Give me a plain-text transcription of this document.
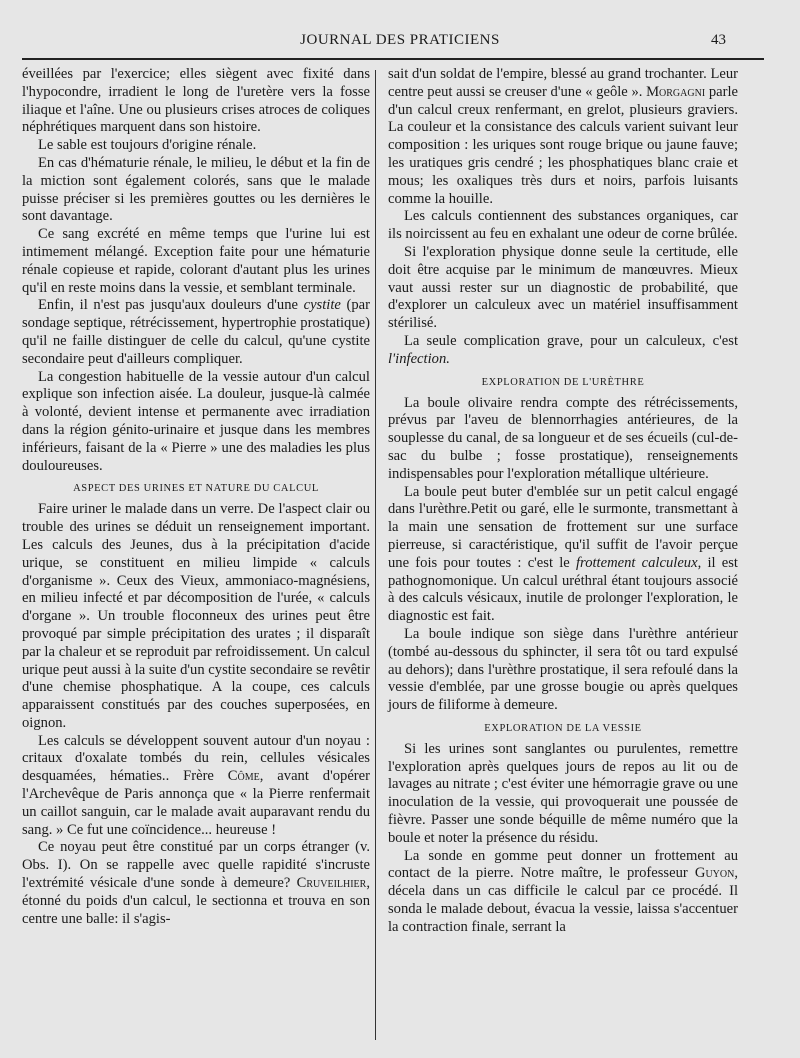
JOURNAL DES PRATICIENS	43

éveillées par l'exercice; elles siègent avec fixité dans l'hypocondre, irradient le long de l'uretère vers la fosse iliaque et l'aîne. Une ou plusieurs crises atroces de coliques néphrétiques marquent dans son histoire.

Le sable est toujours d'origine rénale.

En cas d'hématurie rénale, le milieu, le début et la fin de la miction sont également colorés, sans que le malade puisse préciser si les premières gouttes ou les dernières le sont davantage.

Ce sang excrété en même temps que l'urine lui est intimement mélangé. Exception faite pour une hématurie rénale copieuse et rapide, colorant d'autant plus les urines qu'il en reste moins dans la vessie, et semblant terminale.

Enfin, il n'est pas jusqu'aux douleurs d'une cystite (par sondage septique, rétrécissement, hypertrophie prostatique) qu'il ne faille distinguer de celle du calcul, qu'une cystite secondaire peut d'ailleurs compliquer.

La congestion habituelle de la vessie autour d'un calcul explique son infection aisée. La douleur, jusque-là calmée à volonté, devient intense et permanente avec irradiation dans la région génito-urinaire et jusque dans les membres inférieurs, faisant de la « Pierre » une des maladies les plus douloureuses.

ASPECT DES URINES ET NATURE DU CALCUL

Faire uriner le malade dans un verre. De l'aspect clair ou trouble des urines se déduit un renseignement important. Les calculs des Jeunes, dus à la précipitation d'acide urique, se constituent en milieu limpide « calculs d'organisme ». Ceux des Vieux, ammoniaco-magnésiens, en milieu infecté et par décomposition de l'urée, « calculs d'organe ». Un trouble floconneux des urines peut être provoqué par simple précipitation des urates ; il disparaît par la chaleur et se reproduit par refroidissement. Un calcul urique peut aussi à la suite d'un cystite secondaire se revêtir d'une chemise phosphatique. A la coupe, ces calculs apparaissent constitués par des couches superposées, en oignon.

Les calculs se développent souvent autour d'un noyau : critaux d'oxalate tombés du rein, cellules vésicales desquamées, hématies.. Frère Côme, avant d'opérer l'Archevêque de Paris annonça que « la Pierre renfermait un caillot sanguin, car le malade avait auparavant rendu du sang. » Ce fut une coïncidence... heureuse !

Ce noyau peut être constitué par un corps étranger (v. Obs. I). On se rappelle avec quelle rapidité s'incruste l'extrémité vésicale d'une sonde à demeure? Cruveilhier, étonné du poids d'un calcul, le sectionna et trouva en son centre une balle: il s'agis-

sait d'un soldat de l'empire, blessé au grand trochanter. Leur centre peut aussi se creuser d'une « geôle ». Morgagni parle d'un calcul creux renfermant, en grelot, plusieurs graviers. La couleur et la consistance des calculs varient suivant leur composition : les uriques sont rouge brique ou jaune fauve; les uratiques gris cendré ; les phosphatiques blanc craie et mous; les oxaliques très durs et noirs, parfois luisants comme la houille.

Les calculs contiennent des substances organiques, car ils noircissent au feu en exhalant une odeur de corne brûlée.

Si l'exploration physique donne seule la certitude, elle doit être acquise par le minimum de manœuvres. Mieux vaut aussi rester sur un diagnostic de probabilité, que d'explorer un calculeux avec un matériel insuffisamment stérilisé.

La seule complication grave, pour un calculeux, c'est l'infection.

EXPLORATION DE L'URÈTHRE

La boule olivaire rendra compte des rétrécissements, prévus par l'aveu de blennorrhagies antérieures, de la souplesse du canal, de sa longueur et de ses écueils (cul-de-sac du bulbe ; fosse prostatique), renseignements indispensables pour l'exploration métallique ultérieure.

La boule peut buter d'emblée sur un petit calcul engagé dans l'urèthre.Petit ou garé, elle le surmonte, transmettant à la main une sensation de frottement sur une surface pierreuse, si caractéristique, qu'il suffit de l'avoir perçue une fois pour toutes : c'est le frottement calculeux, il est pathognomonique. Un calcul uréthral étant toujours associé à des calculs vésicaux, inutile de prolonger l'exploration, le diagnostic est fait.

La boule indique son siège dans l'urèthre antérieur (tombé au-dessous du sphincter, il sera tôt ou tard expulsé au dehors); dans l'urèthre prostatique, il sera refoulé dans la vessie d'emblée, par une grosse bougie ou après quelques jours de filiforme à demeure.

EXPLORATION DE LA VESSIE

Si les urines sont sanglantes ou purulentes, remettre l'exploration après quelques jours de repos au lit ou de lavages au nitrate ; c'est éviter une hémorragie grave ou une inoculation de la vessie, qui provoquerait une poussée de fièvre. Passer une sonde béquille de même numéro que la boule et noter la présence du résidu.

La sonde en gomme peut donner un frottement au contact de la pierre. Notre maître, le professeur Guyon, décela dans un cas difficile le calcul par ce procédé. Il sonda le malade debout, évacua la vessie, laissa s'accentuer la contraction finale, serrant la
